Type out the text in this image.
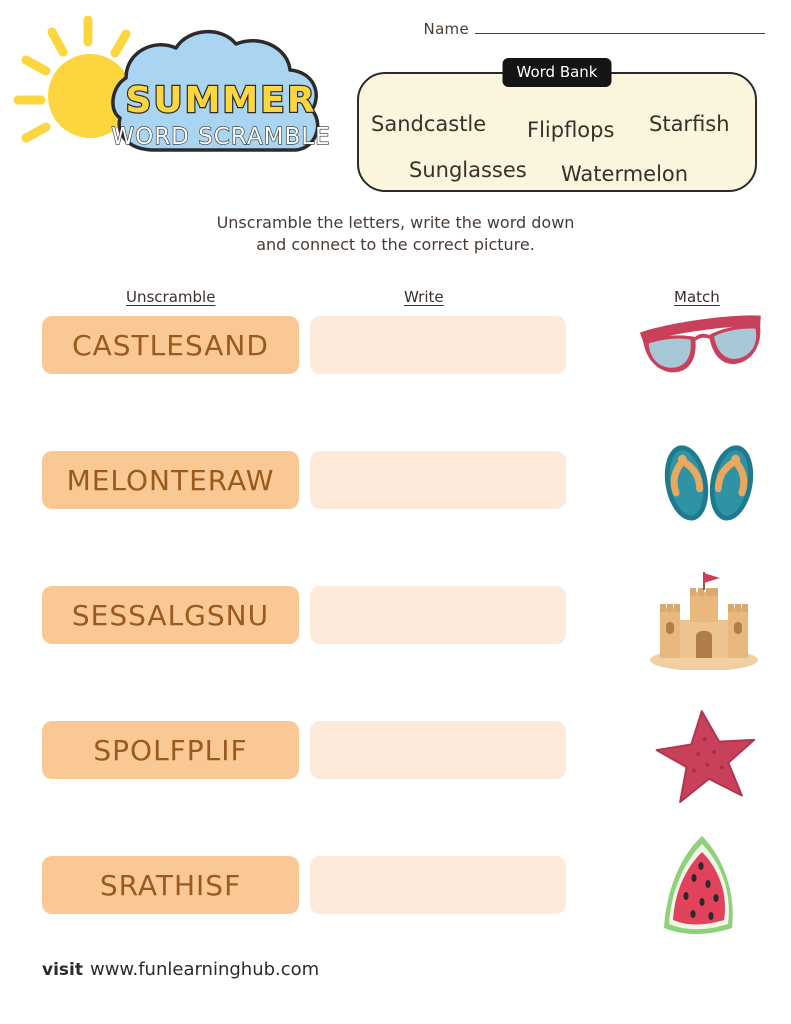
Name
SUMMER
WORD SCRAMBLE
Word Bank
Sandcastle Flipflops Starfish
Sunglasses Watermelon
Unscramble the letters, write the word down
and connect to the correct picture.
Unscramble	Write	Match
CASTLESAND
MELONTERAW
SESSALGSNU
SPOLFPLIF
SRATHISF
visit www.funlearninghub.com
